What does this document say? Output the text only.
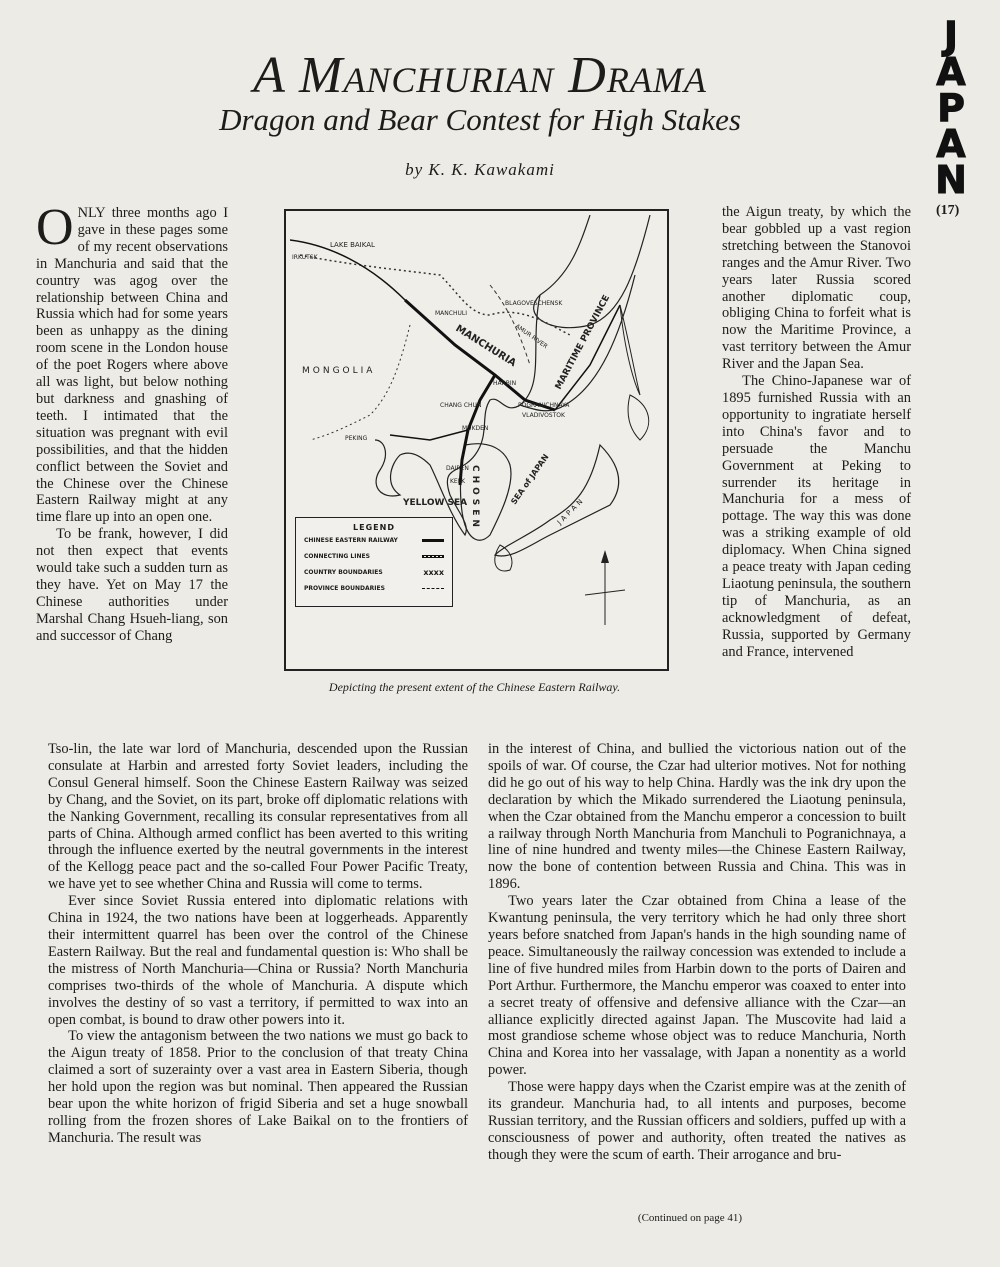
J
A
P
A
N
(17)
A Manchurian Drama
Dragon and Bear Contest for High Stakes
by K. K. Kawakami

ONLY three months ago I gave in these pages some of my recent observations in Manchuria and said that the country was agog over the relationship between China and Russia which had for some years been as unhappy as the dining room scene in the London house of the poet Rogers where above all was light, but below nothing but darkness and gnashing of teeth. I intimated that the situation was pregnant with evil possibilities, and that the hidden conflict between the Soviet and the Chinese over the Chinese Eastern Railway might at any time flare up into an open one.

To be frank, however, I did not then expect that events would take such a sudden turn as they have. Yet on May 17 the Chinese authorities under Marshal Chang Hsueh-liang, son and successor of Chang

LAKE BAIKAL
IRKUTSK
BLAGOVESCHENSK
MANCHULI
AMUR RIVER
MANCHURIA	MARITIME PROVINCE
MONGOLIA
HARBIN
CHANG CHUN	POGRANICHNAYA
VLADIVOSTOK
MUKDEN
PEKING
DAIREN
KELK CHOSEN
YELLOW SEA	SEA of JAPAN
JAPAN
LEGEND
CHINESE EASTERN RAILWAY
CONNECTING LINES
COUNTRY BOUNDARIES	xxxx
PROVINCE BOUNDARIES
Depicting the present extent of the Chinese Eastern Railway.

the Aigun treaty, by which the bear gobbled up a vast region stretching between the Stanovoi ranges and the Amur River. Two years later Russia scored another diplomatic coup, obliging China to forfeit what is now the Maritime Province, a vast territory between the Amur River and the Japan Sea.

The Chino-Japanese war of 1895 furnished Russia with an opportunity to ingratiate herself into China's favor and to persuade the Manchu Government at Peking to surrender its heritage in Manchuria for a mess of pottage. The way this was done was a striking example of old diplomacy. When China signed a peace treaty with Japan ceding Liaotung peninsula, the southern tip of Manchuria, as an acknowledgment of defeat, Russia, supported by Germany and France, intervened

Tso-lin, the late war lord of Manchuria, descended upon the Russian consulate at Harbin and arrested forty Soviet leaders, including the Consul General himself. Soon the Chinese Eastern Railway was seized by Chang, and the Soviet, on its part, broke off diplomatic relations with the Nanking Government, recalling its consular representatives from all parts of China. Although armed conflict has been averted to this writing through the influence exerted by the neutral governments in the interest of the Kellogg peace pact and the so-called Four Power Pacific Treaty, we have yet to see whether China and Russia will come to terms.

Ever since Soviet Russia entered into diplomatic relations with China in 1924, the two nations have been at loggerheads. Apparently their intermittent quarrel has been over the control of the Chinese Eastern Railway. But the real and fundamental question is: Who shall be the mistress of North Manchuria—China or Russia? North Manchuria comprises two-thirds of the whole of Manchuria. A dispute which involves the destiny of so vast a territory, if permitted to wax into an open combat, is bound to draw other powers into it.

To view the antagonism between the two nations we must go back to the Aigun treaty of 1858. Prior to the conclusion of that treaty China claimed a sort of suzerainty over a vast area in Eastern Siberia, though her hold upon the region was but nominal. Then appeared the Russian bear upon the white horizon of frigid Siberia and set a huge snowball rolling from the frozen shores of Lake Baikal on to the frontiers of Manchuria. The result was

in the interest of China, and bullied the victorious nation out of the spoils of war. Of course, the Czar had ulterior motives. Not for nothing did he go out of his way to help China. Hardly was the ink dry upon the declaration by which the Mikado surrendered the Liaotung peninsula, when the Czar obtained from the Manchu emperor a concession to built a railway through North Manchuria from Manchuli to Pogranichnaya, a line of nine hundred and twenty miles—the Chinese Eastern Railway, now the bone of contention between Russia and China. This was in 1896.

Two years later the Czar obtained from China a lease of the Kwantung peninsula, the very territory which he had only three short years before snatched from Japan's hands in the high sounding name of peace. Simultaneously the railway concession was extended to include a line of five hundred miles from Harbin down to the ports of Dairen and Port Arthur. Furthermore, the Manchu emperor was coaxed to enter into a secret treaty of offensive and defensive alliance with the Czar—an alliance explicitly directed against Japan. The Muscovite had laid a most grandiose scheme whose object was to reduce Manchuria, North China and Korea into her vassalage, with Japan a nonentity as a world power.

Those were happy days when the Czarist empire was at the zenith of its grandeur. Manchuria had, to all intents and purposes, become Russian territory, and the Russian officers and soldiers, puffed up with a consciousness of power and authority, often treated the natives as though they were the scum of earth. Their arrogance and bru-

(Continued on page 41)
